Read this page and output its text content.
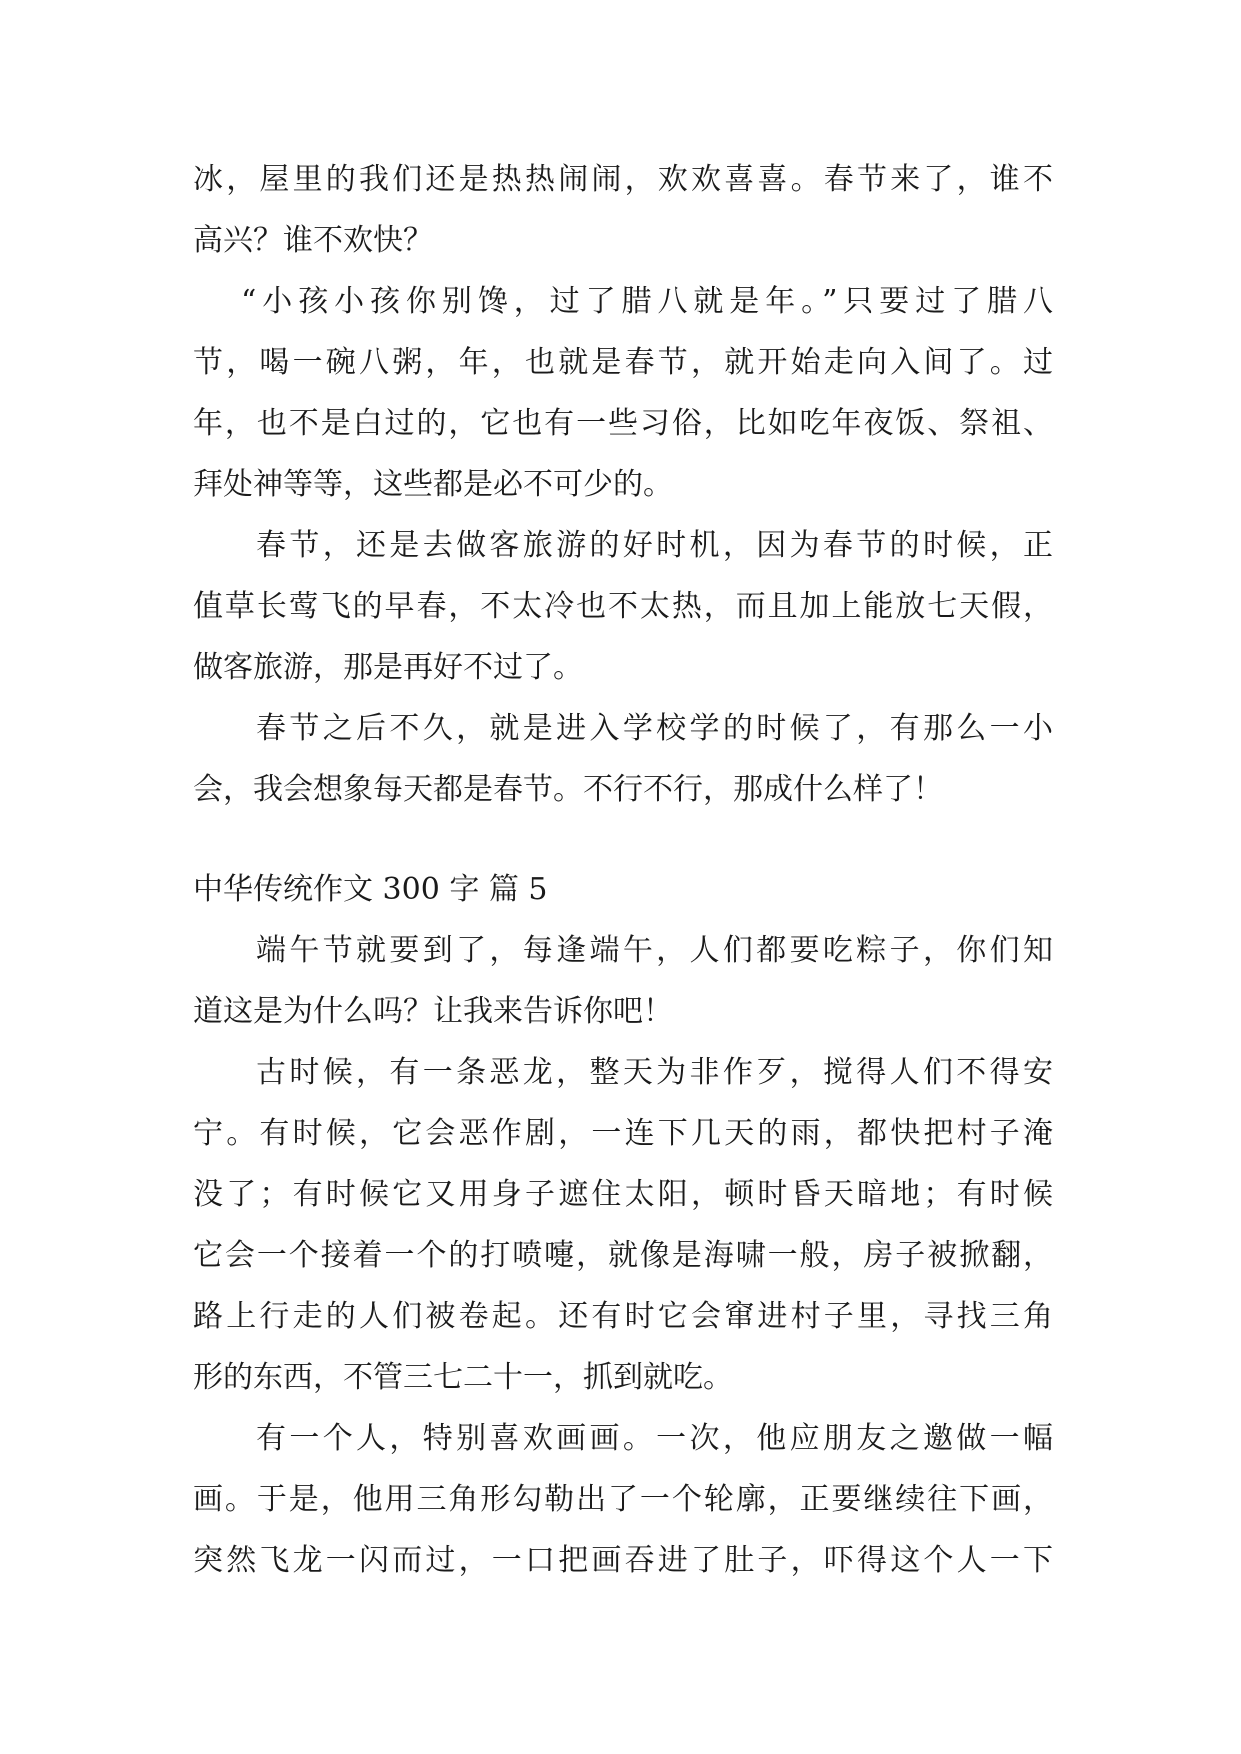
冰，屋里的我们还是热热闹闹，欢欢喜喜。春节来了，谁不
高兴？谁不欢快？
“小孩小孩你别馋，过了腊八就是年。”只要过了腊八
节，喝一碗八粥，年，也就是春节，就开始走向入间了。过
年，也不是白过的，它也有一些习俗，比如吃年夜饭、祭祖、
拜处神等等，这些都是必不可少的。
春节，还是去做客旅游的好时机，因为春节的时候，正
值草长莺飞的早春，不太冷也不太热，而且加上能放七天假，
做客旅游，那是再好不过了。
春节之后不久，就是进入学校学的时候了，有那么一小
会，我会想象每天都是春节。不行不行，那成什么样了！
中华传统作文 300 字 篇 5
端午节就要到了，每逢端午，人们都要吃粽子，你们知
道这是为什么吗？让我来告诉你吧！
古时候，有一条恶龙，整天为非作歹，搅得人们不得安
宁。有时候，它会恶作剧，一连下几天的雨，都快把村子淹
没了；有时候它又用身子遮住太阳，顿时昏天暗地；有时候
它会一个接着一个的打喷嚏，就像是海啸一般，房子被掀翻，
路上行走的人们被卷起。还有时它会窜进村子里，寻找三角
形的东西，不管三七二十一，抓到就吃。
有一个人，特别喜欢画画。一次，他应朋友之邀做一幅
画。于是，他用三角形勾勒出了一个轮廓，正要继续往下画，
突然飞龙一闪而过，一口把画吞进了肚子，吓得这个人一下
